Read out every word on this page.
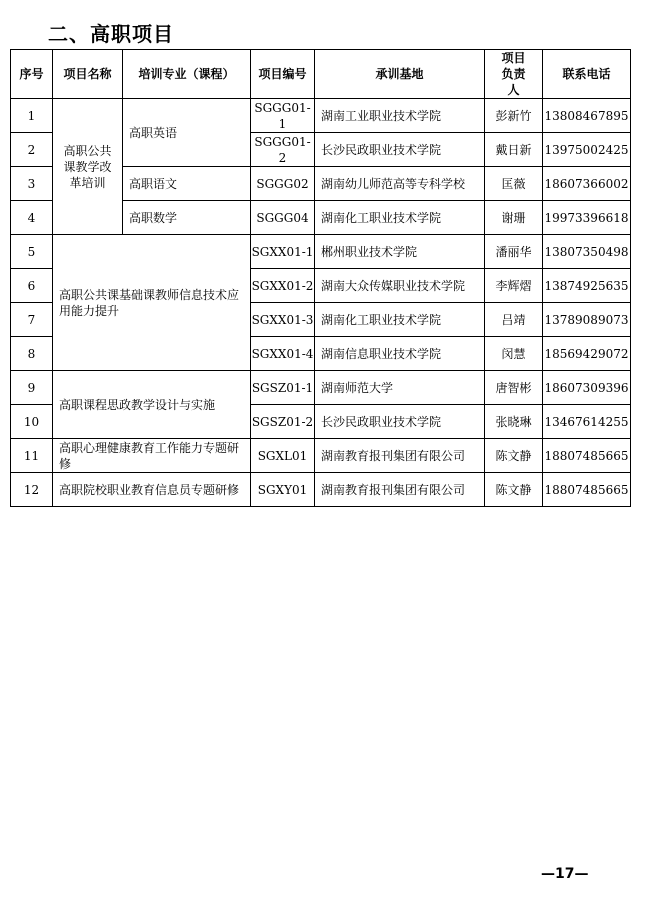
二、高职项目
序号	项目名称	培训专业（课程）	项目编号	承训基地	项目负责人	联系电话
1	高职公共课教学改革培训	高职英语	SGGG01-1	湖南工业职业技术学院	彭新竹	13808467895
2			SGGG01-2	长沙民政职业技术学院	戴日新	13975002425
3		高职语文	SGGG02	湖南幼儿师范高等专科学校	匡薇	18607366002
4		高职数学	SGGG04	湖南化工职业技术学院	谢珊	19973396618
5	高职公共课基础课教师信息技术应用能力提升		SGXX01-1	郴州职业技术学院	潘丽华	13807350498
6			SGXX01-2	湖南大众传媒职业技术学院	李辉熠	13874925635
7			SGXX01-3	湖南化工职业技术学院	吕靖	13789089073
8			SGXX01-4	湖南信息职业技术学院	闵慧	18569429072
9	高职课程思政教学设计与实施		SGSZ01-1	湖南师范大学	唐智彬	18607309396
10			SGSZ01-2	长沙民政职业技术学院	张晓琳	13467614255
11	高职心理健康教育工作能力专题研修		SGXL01	湖南教育报刊集团有限公司	陈文静	18807485665
12	高职院校职业教育信息员专题研修		SGXY01	湖南教育报刊集团有限公司	陈文静	18807485665
—17—
